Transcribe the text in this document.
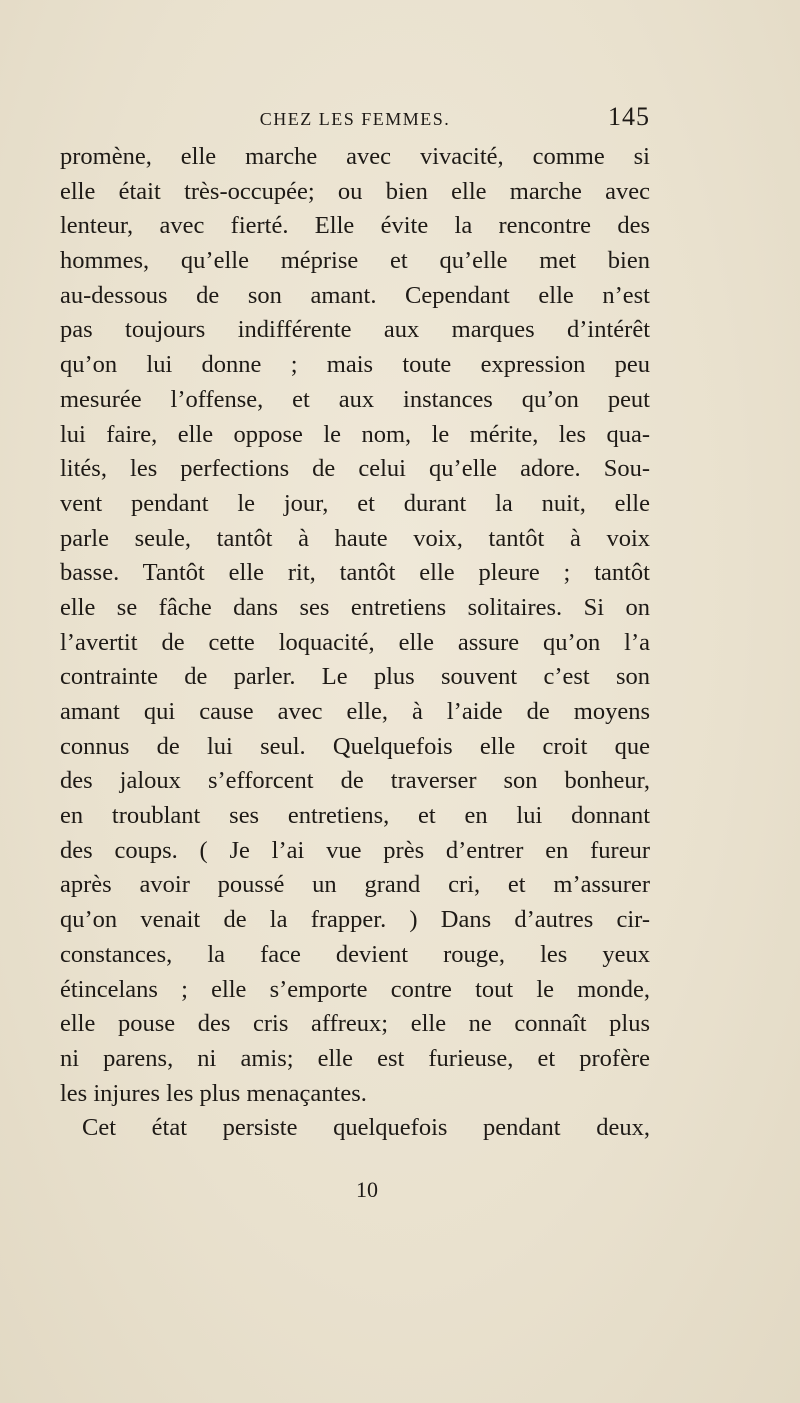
CHEZ LES FEMMES.	145
promène, elle marche avec vivacité, comme si
elle était très-occupée; ou bien elle marche avec
lenteur, avec fierté. Elle évite la rencontre des
hommes, qu’elle méprise et qu’elle met bien
au-dessous de son amant. Cependant elle n’est
pas toujours indifférente aux marques d’intérêt
qu’on lui donne ; mais toute expression peu
mesurée l’offense, et aux instances qu’on peut
lui faire, elle oppose le nom, le mérite, les qua-
lités, les perfections de celui qu’elle adore. Sou-
vent pendant le jour, et durant la nuit, elle
parle seule, tantôt à haute voix, tantôt à voix
basse. Tantôt elle rit, tantôt elle pleure ; tantôt
elle se fâche dans ses entretiens solitaires. Si on
l’avertit de cette loquacité, elle assure qu’on l’a
contrainte de parler. Le plus souvent c’est son
amant qui cause avec elle, à l’aide de moyens
connus de lui seul. Quelquefois elle croit que
des jaloux s’efforcent de traverser son bonheur,
en troublant ses entretiens, et en lui donnant
des coups. ( Je l’ai vue près d’entrer en fureur
après avoir poussé un grand cri, et m’assurer
qu’on venait de la frapper. ) Dans d’autres cir-
constances, la face devient rouge, les yeux
étincelans ; elle s’emporte contre tout le monde,
elle pouse des cris affreux; elle ne connaît plus
ni parens, ni amis; elle est furieuse, et profère
les injures les plus menaçantes.
Cet état persiste quelquefois pendant deux,
10
